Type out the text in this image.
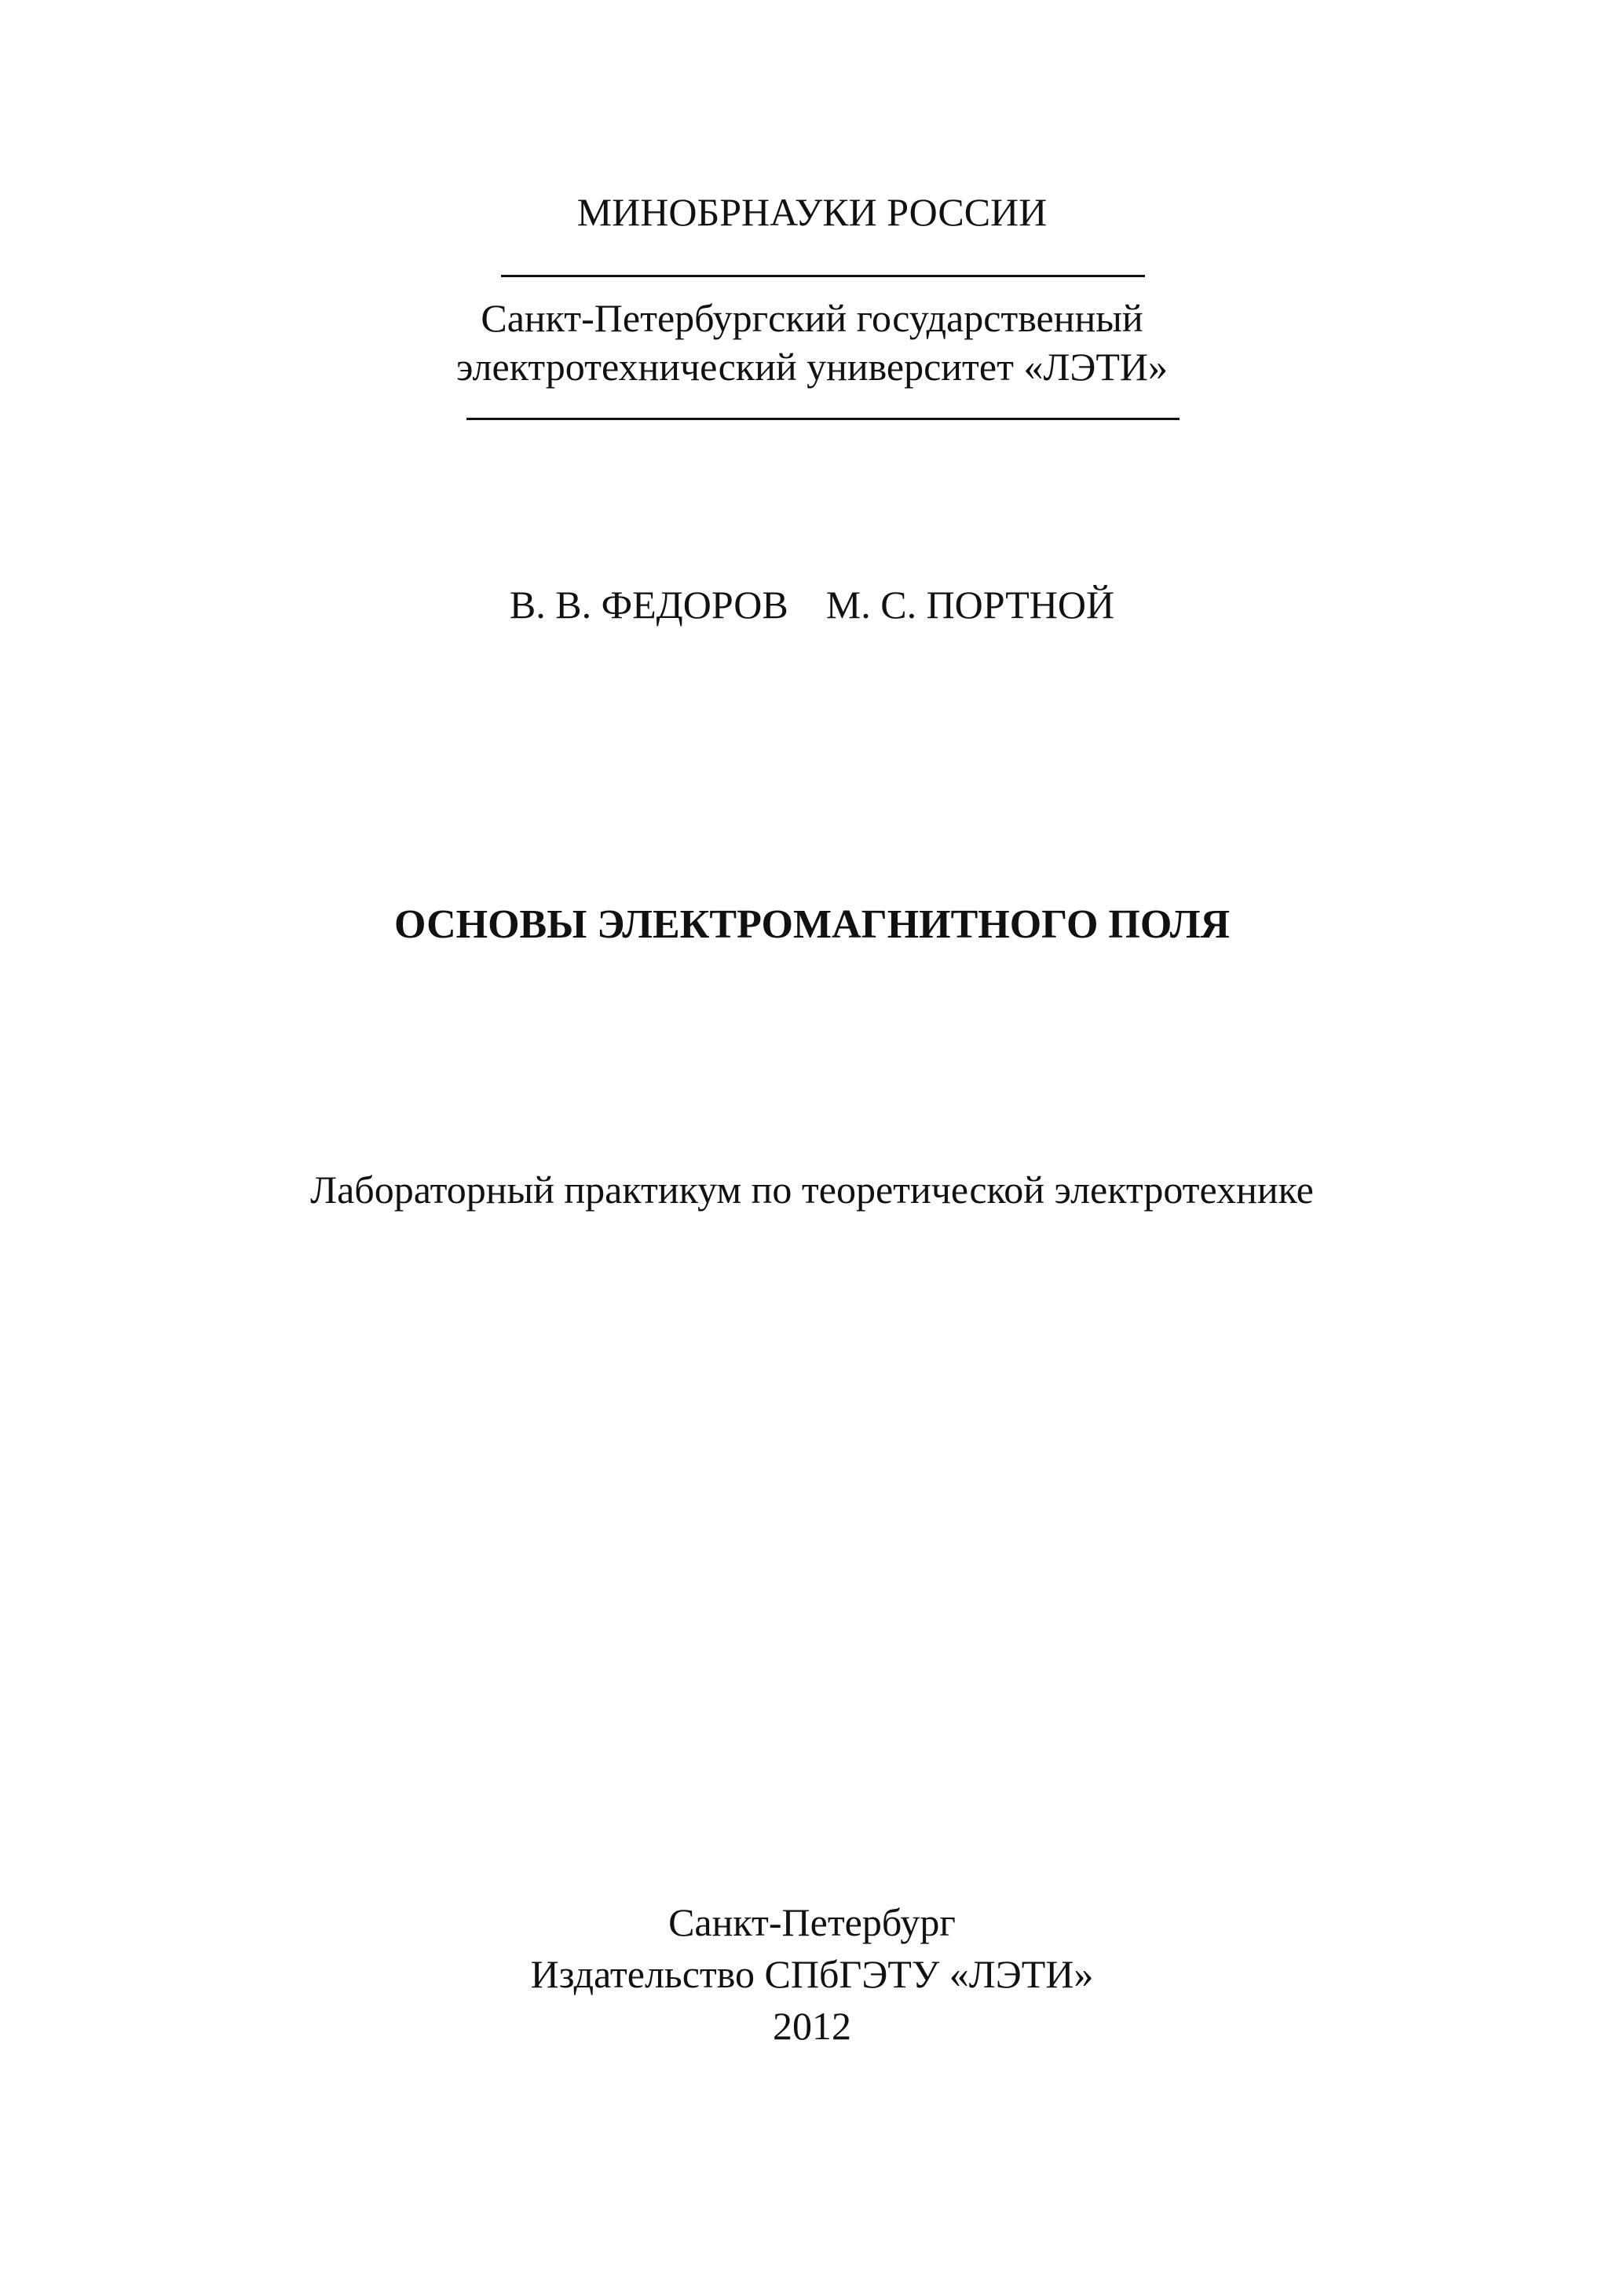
МИНОБРНАУКИ РОССИИ
Санкт-Петербургский государственный
электротехнический университет «ЛЭТИ»
В. В. ФЕДОРОВ М. С. ПОРТНОЙ
ОСНОВЫ ЭЛЕКТРОМАГНИТНОГО ПОЛЯ
Лабораторный практикум по теоретической электротехнике
Санкт-Петербург
Издательство СПбГЭТУ «ЛЭТИ»
2012
